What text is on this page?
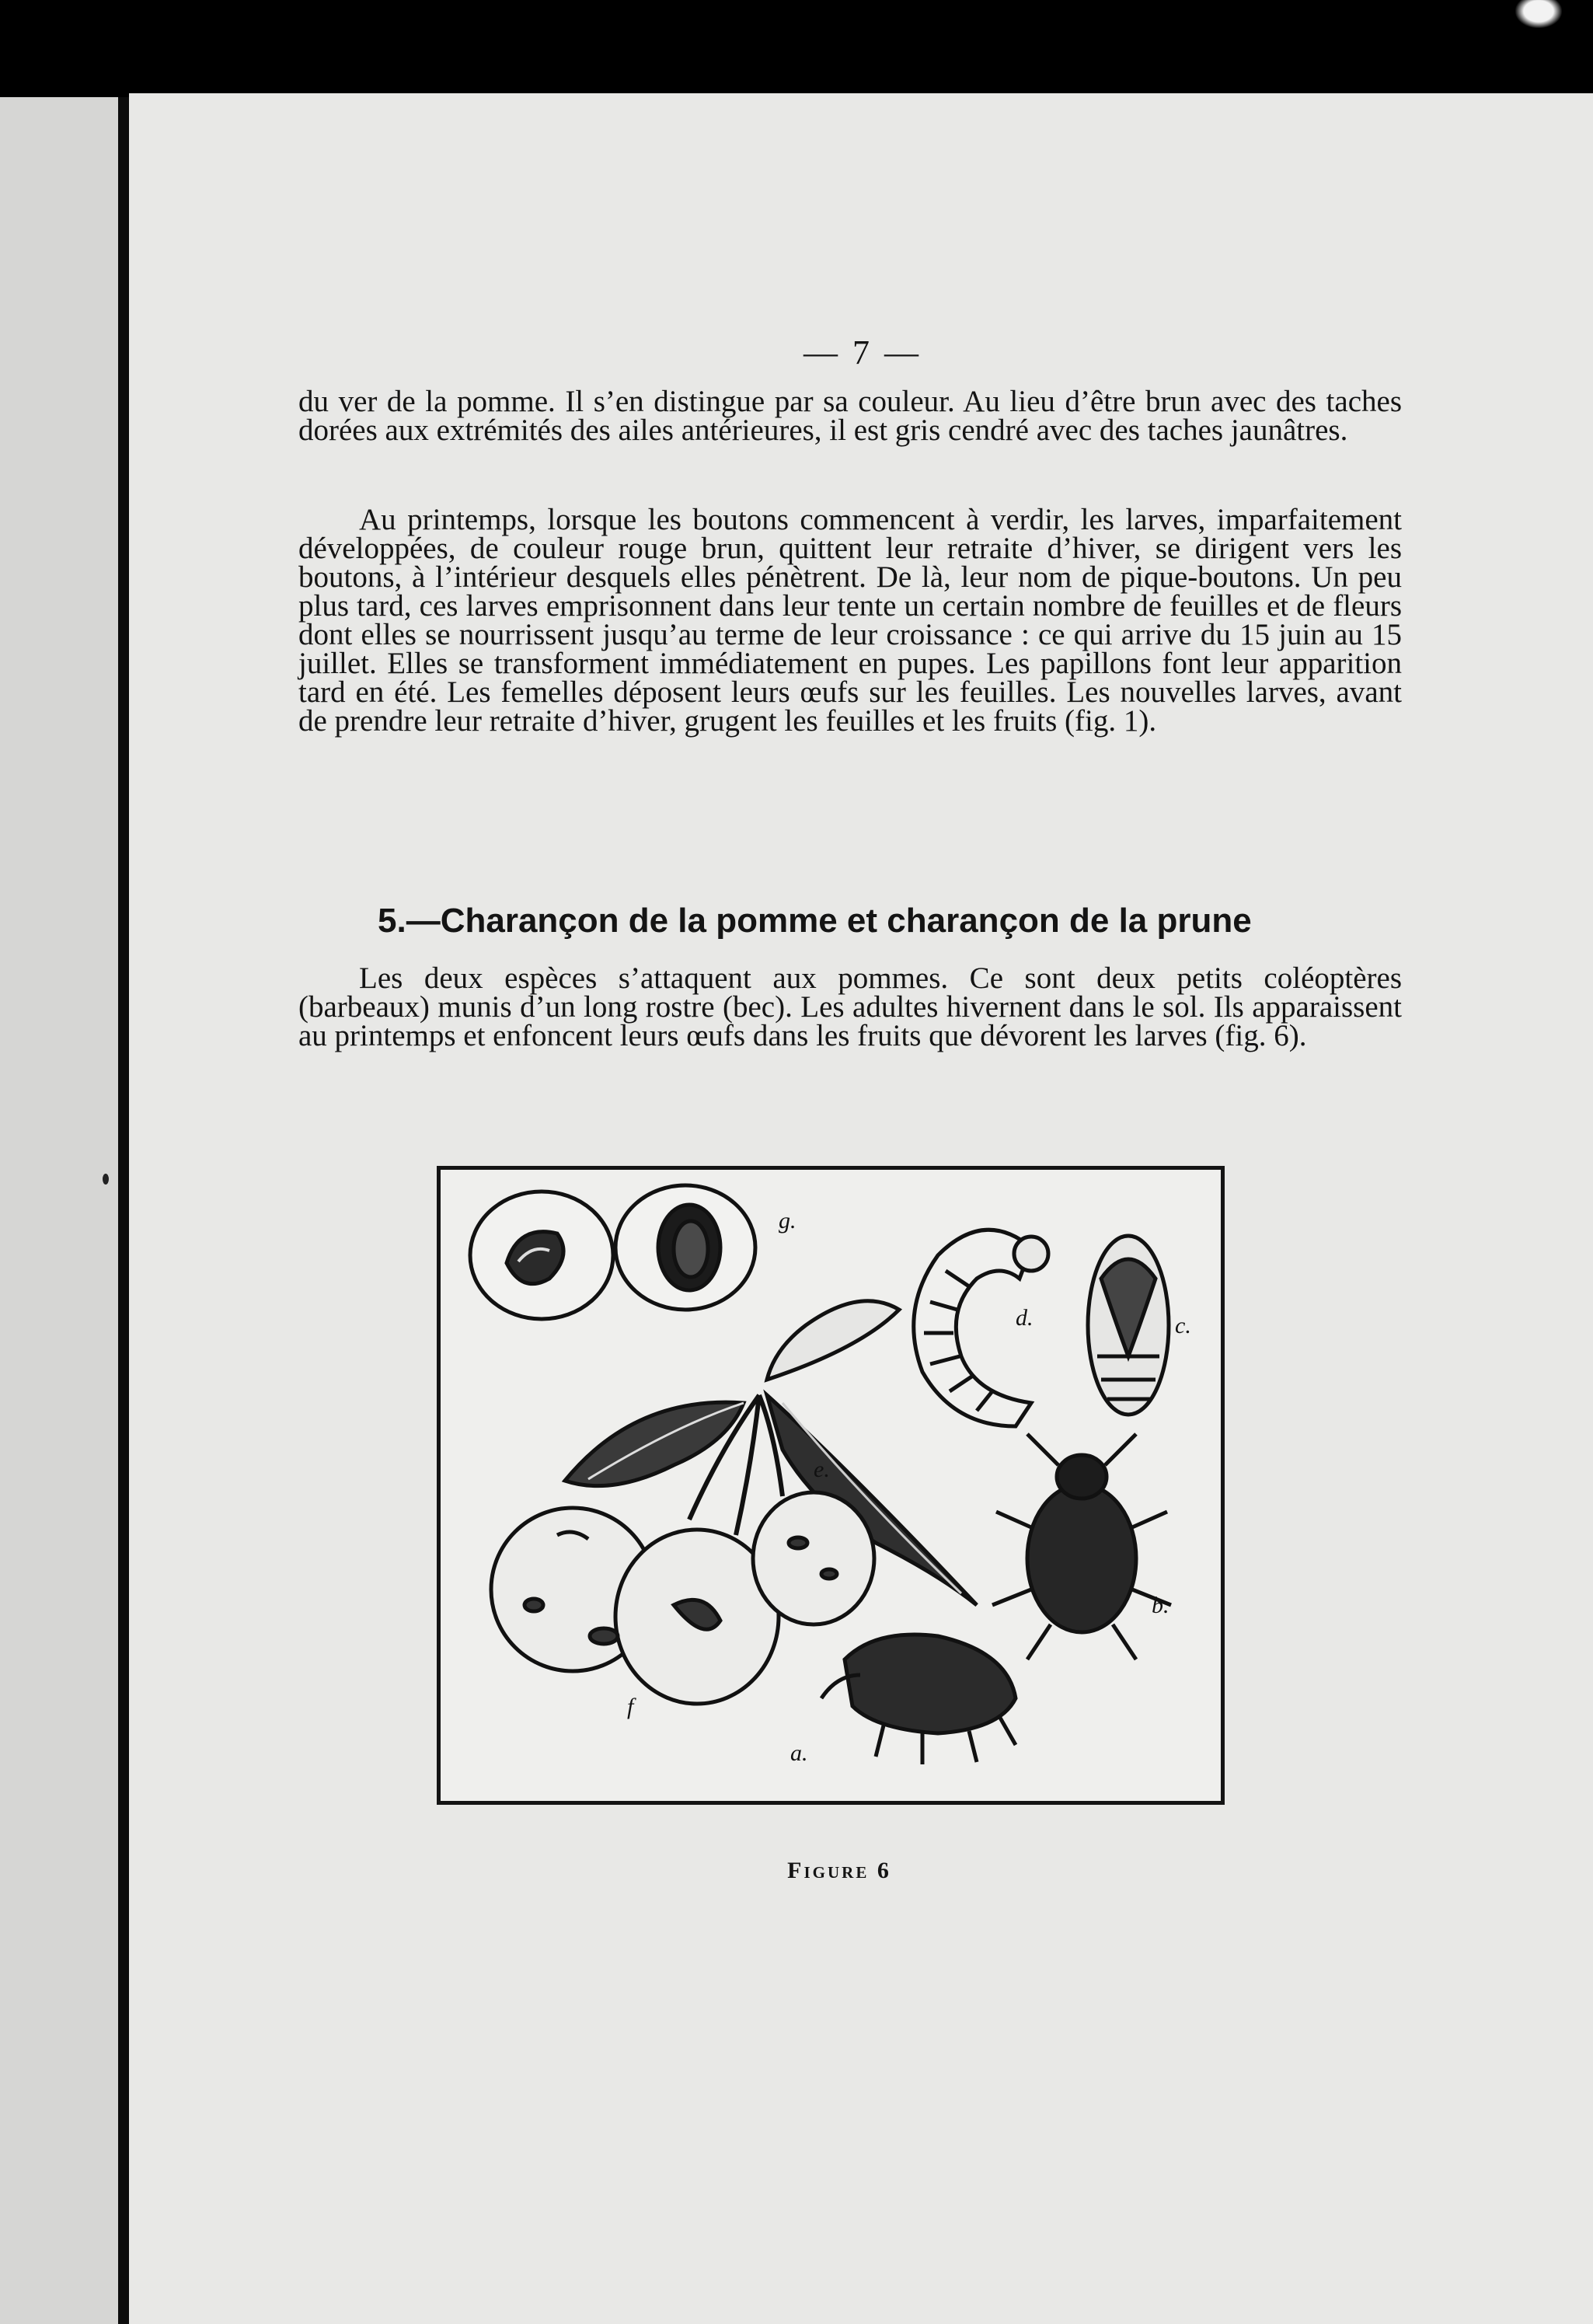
— 7 —

du ver de la pomme. Il s’en distingue par sa couleur. Au lieu d’être brun avec des taches dorées aux extrémités des ailes antérieures, il est gris cendré avec des taches jaunâtres.

Au printemps, lorsque les boutons commencent à verdir, les larves, imparfaitement développées, de couleur rouge brun, quittent leur retraite d’hiver, se dirigent vers les boutons, à l’intérieur desquels elles pénètrent. De là, leur nom de pique-boutons. Un peu plus tard, ces larves emprisonnent dans leur tente un certain nombre de feuilles et de fleurs dont elles se nourrissent jusqu’au terme de leur croissance : ce qui arrive du 15 juin au 15 juillet. Elles se transforment immédiatement en pupes. Les papillons font leur apparition tard en été. Les femelles déposent leurs œufs sur les feuilles. Les nouvelles larves, avant de prendre leur retraite d’hiver, grugent les feuilles et les fruits (fig. 1).

5.—Charançon de la pomme et charançon de la prune

Les deux espèces s’attaquent aux pommes. Ce sont deux petits coléoptères (barbeaux) munis d’un long rostre (bec). Les adultes hivernent dans le sol. Ils apparaissent au printemps et enfoncent leurs œufs dans les fruits que dévorent les larves (fig. 6).

g.
e.
f
d.	c.
b.
a.
Figure 6
